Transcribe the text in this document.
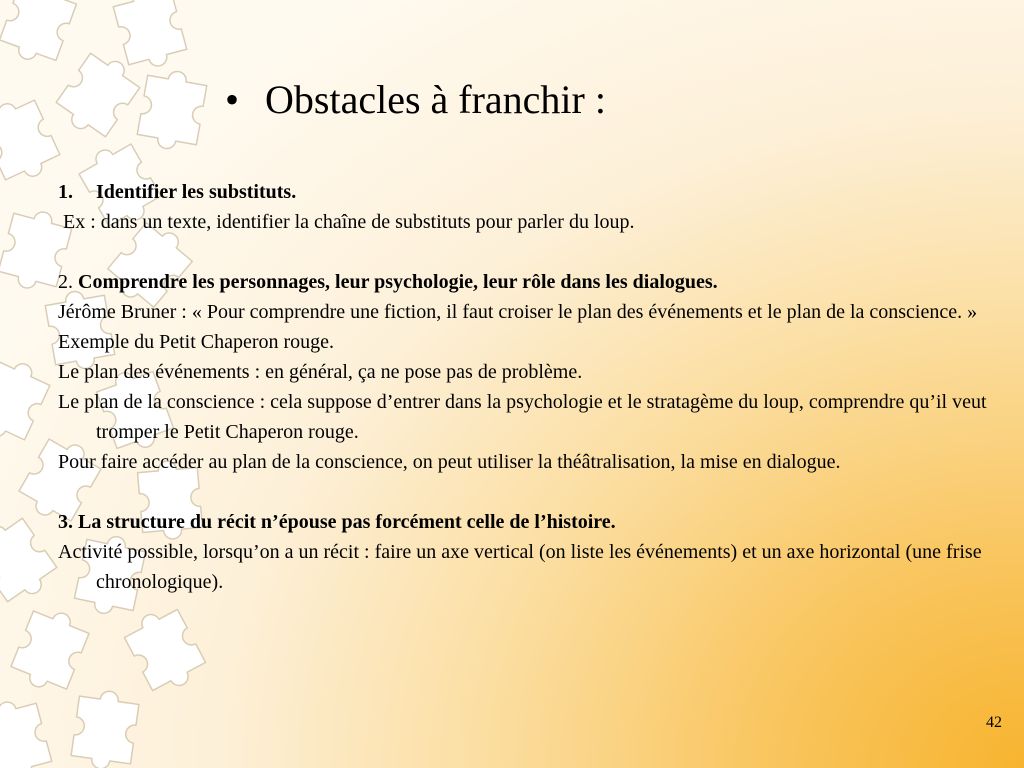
• Obstacles à franchir :

1. Identifier les substituts.

Ex : dans un texte, identifier la chaîne de substituts pour parler du loup.

2. Comprendre les personnages, leur psychologie, leur rôle dans les dialogues.

Jérôme Bruner : « Pour comprendre une fiction, il faut croiser le plan des événements et le plan de la conscience. »

Exemple du Petit Chaperon rouge.

Le plan des événements : en général, ça ne pose pas de problème.

Le plan de la conscience : cela suppose d’entrer dans la psychologie et le stratagème du loup, comprendre qu’il veut tromper le Petit Chaperon rouge.

Pour faire accéder au plan de la conscience, on peut utiliser la théâtralisation, la mise en dialogue.

3. La structure du récit n’épouse pas forcément celle de l’histoire.

Activité possible, lorsqu’on a un récit : faire un axe vertical (on liste les événements) et un axe horizontal (une frise chronologique).

42
